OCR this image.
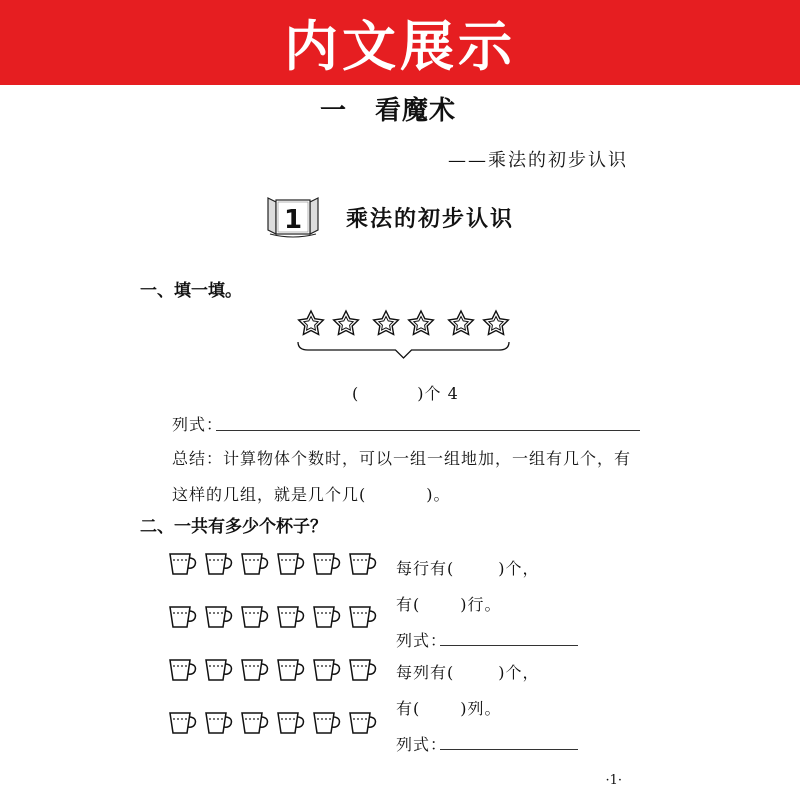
内文展示
一 看魔术
——乘法的初步认识
1 乘法的初步认识
一、填一填。
(	)个 4
列式：
总结：计算物体个数时，可以一组一组地加，一组有几个，有
这样的几组，就是几个几(	)。
二、一共有多少个杯子？
每行有(	)个，
有(	)行。
列式：
每列有(	)个，
有(	)列。
列式：
·1·
